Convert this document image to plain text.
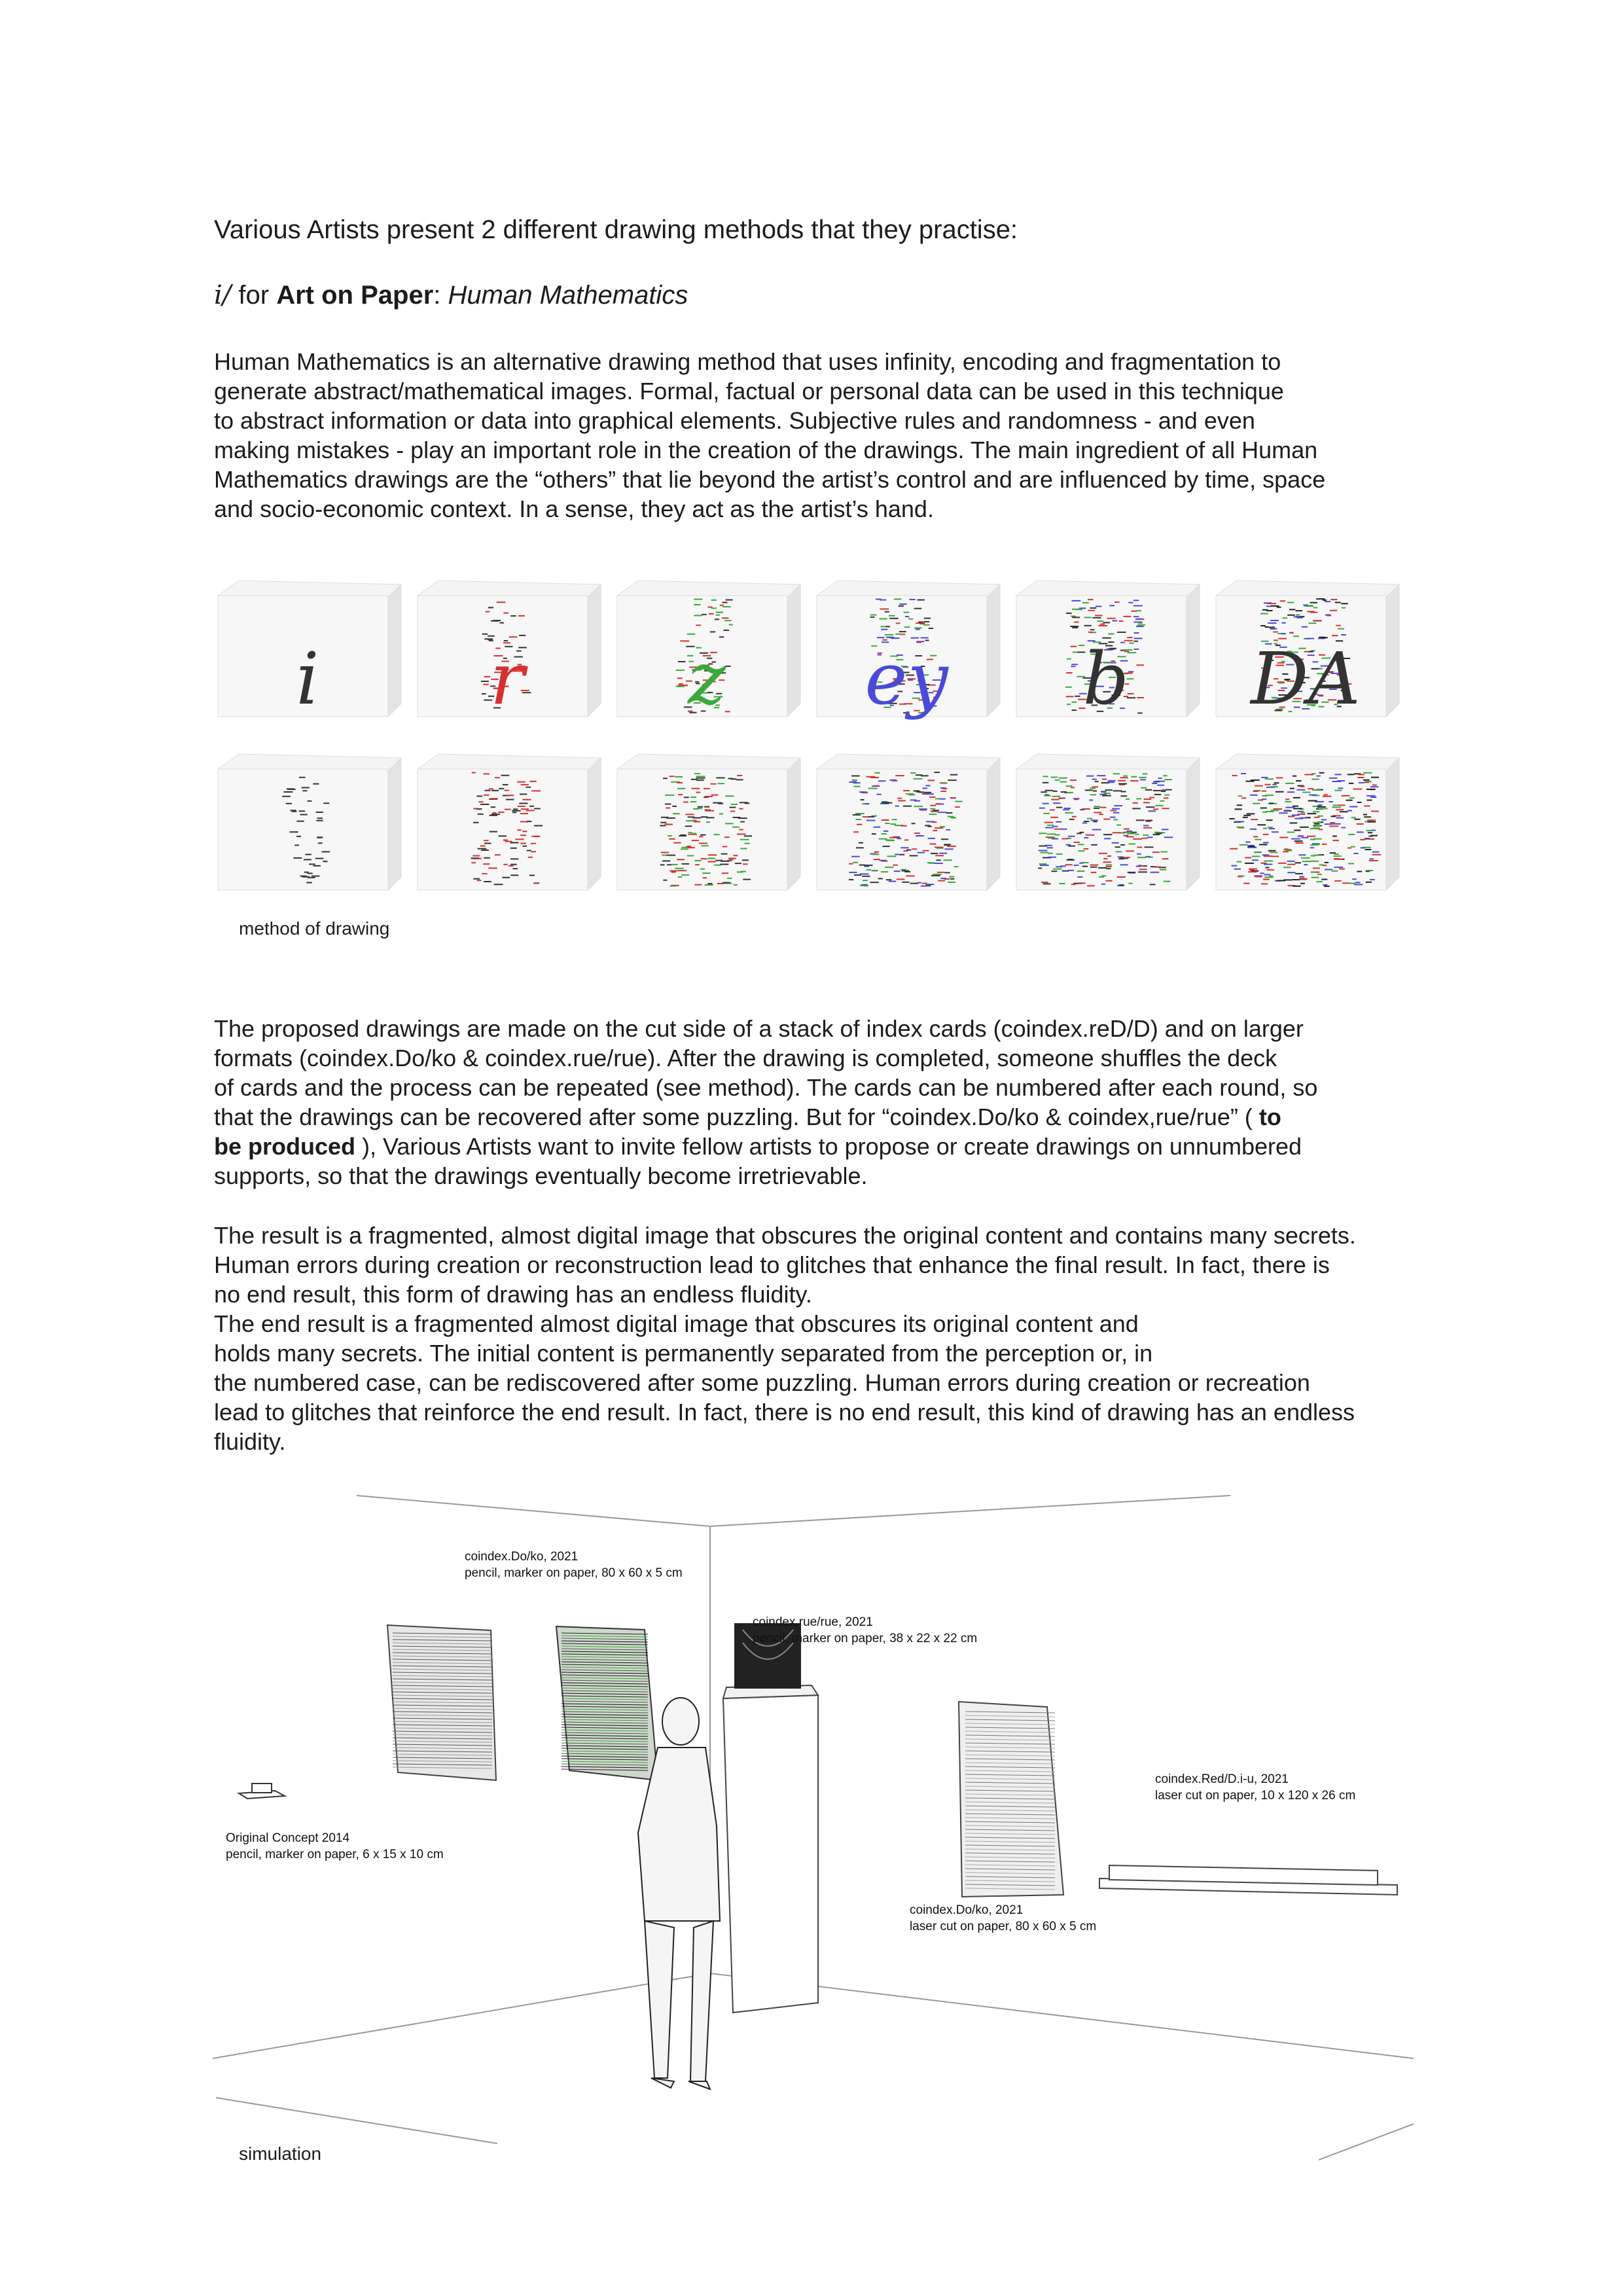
Various Artists present 2 different drawing methods that they practise:

i/ for Art on Paper: Human Mathematics

Human Mathematics is an alternative drawing method that uses infinity, encoding and fragmentation to
generate abstract/mathematical images. Formal, factual or personal data can be used in this technique
to abstract information or data into graphical elements. Subjective rules and randomness - and even
making mistakes - play an important role in the creation of the drawings. The main ingredient of all Human
Mathematics drawings are the “others” that lie beyond the artist’s control and are influenced by time, space
and socio-economic context. In a sense, they act as the artist’s hand.

i	r	z	ey	b	DA
method of drawing

The proposed drawings are made on the cut side of a stack of index cards (coindex.reD/D) and on larger
formats (coindex.Do/ko & coindex.rue/rue). After the drawing is completed, someone shuffles the deck
of cards and the process can be repeated (see method). The cards can be numbered after each round, so
that the drawings can be recovered after some puzzling. But for “coindex.Do/ko & coindex,rue/rue” ( to
be produced ), Various Artists want to invite fellow artists to propose or create drawings on unnumbered
supports, so that the drawings eventually become irretrievable.

The result is a fragmented, almost digital image that obscures the original content and contains many secrets.
Human errors during creation or reconstruction lead to glitches that enhance the final result. In fact, there is
no end result, this form of drawing has an endless fluidity.

The end result is a fragmented almost digital image that obscures its original content and
holds many secrets. The initial content is permanently separated from the perception or, in
the numbered case, can be rediscovered after some puzzling. Human errors during creation or recreation
lead to glitches that reinforce the end result. In fact, there is no end result, this kind of drawing has an endless
fluidity.

coindex.Do/ko, 2021
pencil, marker on paper, 80 x 60 x 5 cm
coindex.rue/rue, 2021
pencil, marker on paper, 38 x 22 x 22 cm
coindex.Red/D.i-u, 2021
laser cut on paper, 10 x 120 x 26 cm
Original Concept 2014
pencil, marker on paper, 6 x 15 x 10 cm
coindex.Do/ko, 2021
laser cut on paper, 80 x 60 x 5 cm
simulation
